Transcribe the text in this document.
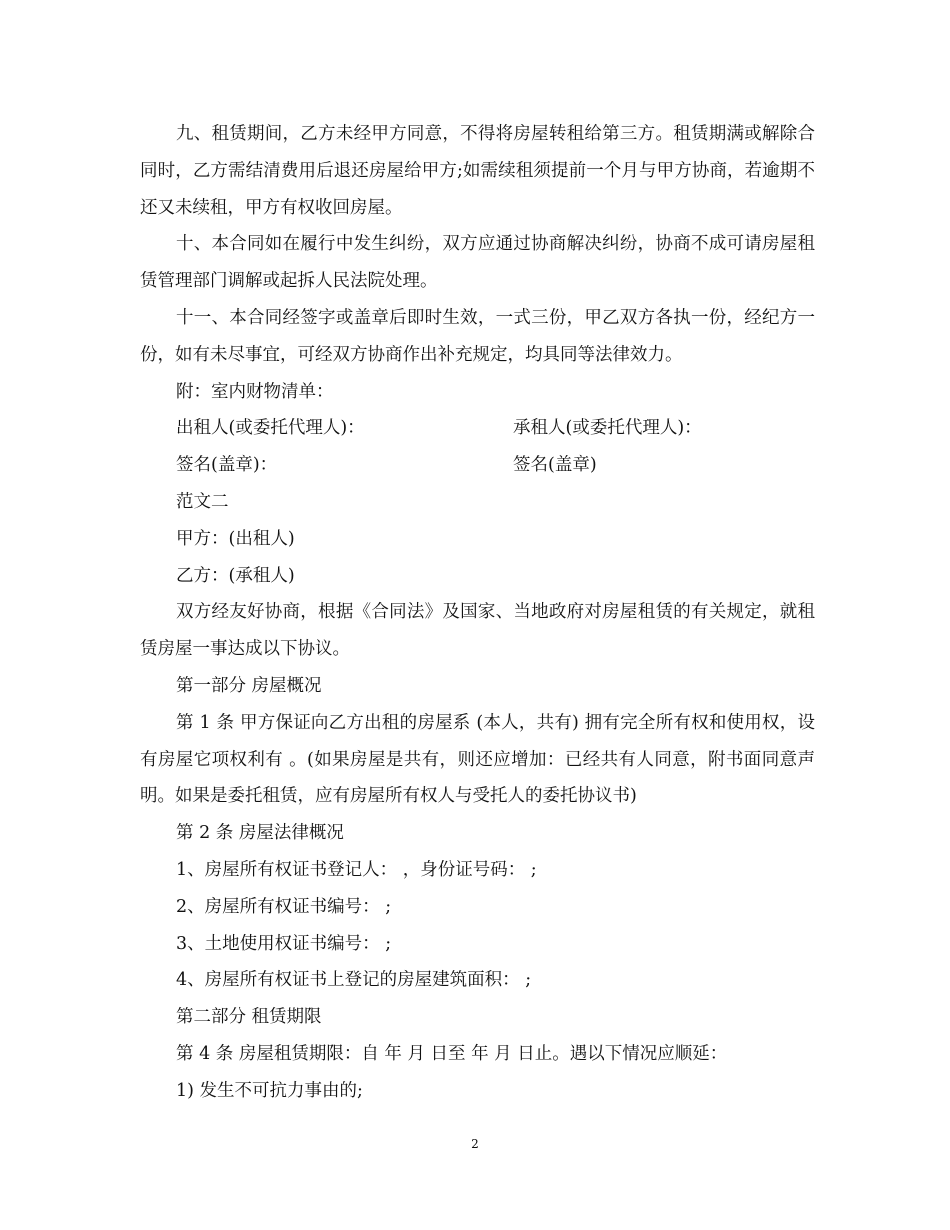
九、租赁期间，乙方未经甲方同意，不得将房屋转租给第三方。租赁期满或解除合同时，乙方需结清费用后退还房屋给甲方;如需续租须提前一个月与甲方协商，若逾期不还又未续租，甲方有权收回房屋。

十、本合同如在履行中发生纠纷，双方应通过协商解决纠纷，协商不成可请房屋租赁管理部门调解或起拆人民法院处理。

十一、本合同经签字或盖章后即时生效，一式三份，甲乙双方各执一份，经纪方一份，如有未尽事宜，可经双方协商作出补充规定，均具同等法律效力。

附：室内财物清单：

出租人(或委托代理人)：	承租人(或委托代理人)：
签名(盖章)：	签名(盖章)

范文二

甲方：(出租人)

乙方：(承租人)

双方经友好协商，根据《合同法》及国家、当地政府对房屋租赁的有关规定，就租赁房屋一事达成以下协议。

第一部分 房屋概况

第 1 条 甲方保证向乙方出租的房屋系 (本人，共有) 拥有完全所有权和使用权，设有房屋它项权利有 。(如果房屋是共有，则还应增加：已经共有人同意，附书面同意声明。如果是委托租赁，应有房屋所有权人与受托人的委托协议书)

第 2 条 房屋法律概况

1、房屋所有权证书登记人： ，身份证号码： ;

2、房屋所有权证书编号： ;

3、土地使用权证书编号： ;

4、房屋所有权证书上登记的房屋建筑面积： ;

第二部分 租赁期限

第 4 条 房屋租赁期限：自 年 月 日至 年 月 日止。遇以下情况应顺延：

1) 发生不可抗力事由的;

2
